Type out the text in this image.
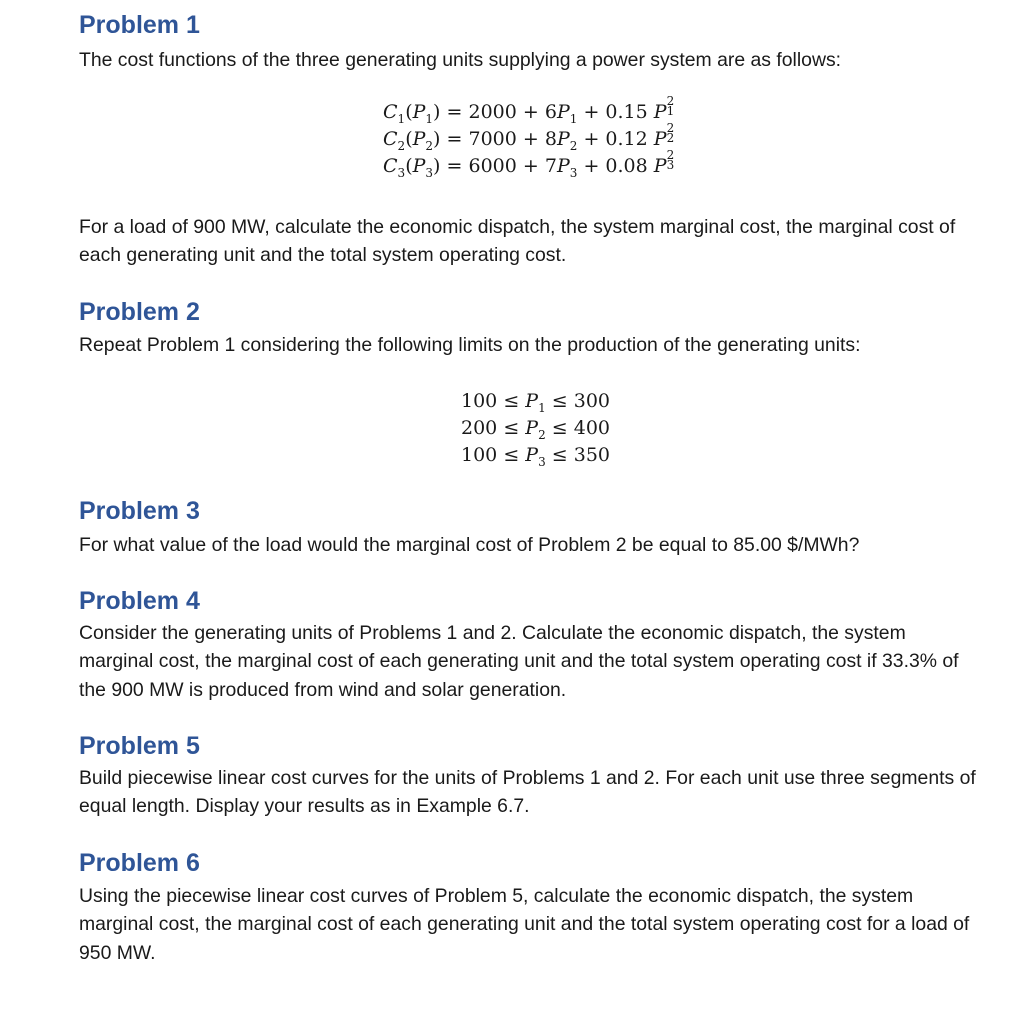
Problem 1

The cost functions of the three generating units supplying a power system are as follows:

$C_1(P_1) = 2000 + 6P_1 + 0.15$ P 2
1
$C_2(P_2) = 7000 + 8P_2 + 0.12$ P 2
2
$C_3(P_3) = 6000 + 7P_3 + 0.08$ P 2
3

For a load of 900 MW, calculate the economic dispatch, the system marginal cost, the marginal cost of each generating unit and the total system operating cost.

Problem 2

Repeat Problem 1 considering the following limits on the production of the generating units:

$100 \le P_1 \le 300$
$200 \le P_2 \le 400$
$100 \le P_3 \le 350$
Problem 3

For what value of the load would the marginal cost of Problem 2 be equal to 85.00 $/MWh?

Problem 4

Consider the generating units of Problems 1 and 2. Calculate the economic dispatch, the system marginal cost, the marginal cost of each generating unit and the total system operating cost if 33.3% of the 900 MW is produced from wind and solar generation.

Problem 5

Build piecewise linear cost curves for the units of Problems 1 and 2. For each unit use three segments of equal length. Display your results as in Example 6.7.

Problem 6

Using the piecewise linear cost curves of Problem 5, calculate the economic dispatch, the system marginal cost, the marginal cost of each generating unit and the total system operating cost for a load of 950 MW.
